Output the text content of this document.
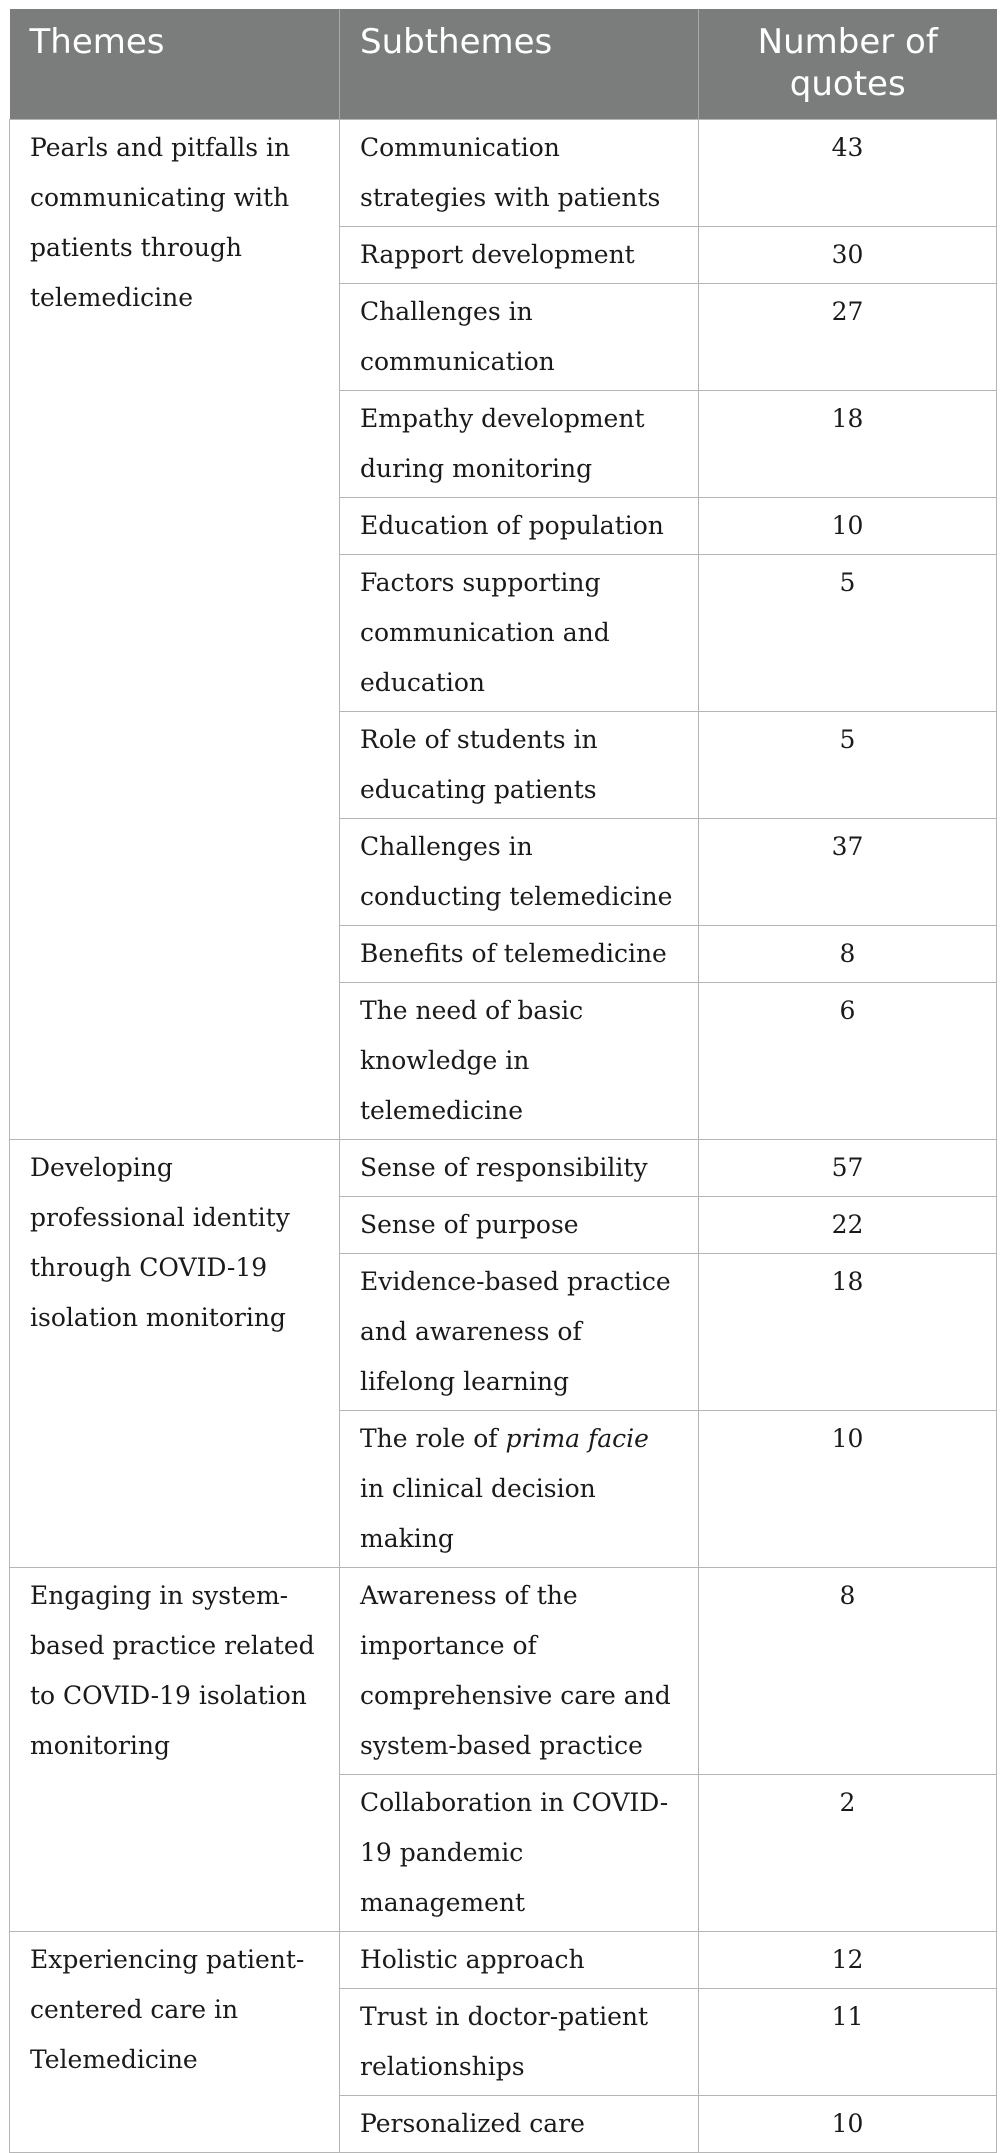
Themes	Subthemes	Number of quotes
Pearls and pitfalls in communicating with patients through telemedicine	Communication strategies with patients	43
	Rapport development	30
	Challenges in communication	27
	Empathy development during monitoring	18
	Education of population	10
	Factors supporting communication and education	5
	Role of students in educating patients	5
	Challenges in conducting telemedicine	37
	Benefits of telemedicine	8
	The need of basic knowledge in telemedicine	6
Developing professional identity through COVID-19 isolation monitoring	Sense of responsibility	57
	Sense of purpose	22
	Evidence-based practice and awareness of lifelong learning	18
	The role of prima facie in clinical decision making	10
Engaging in system-based practice related to COVID-19 isolation monitoring	Awareness of the importance of comprehensive care and system-based practice	8
	Collaboration in COVID-19 pandemic management	2
Experiencing patient-centered care in Telemedicine	Holistic approach	12
	Trust in doctor-patient relationships	11
	Personalized care	10
